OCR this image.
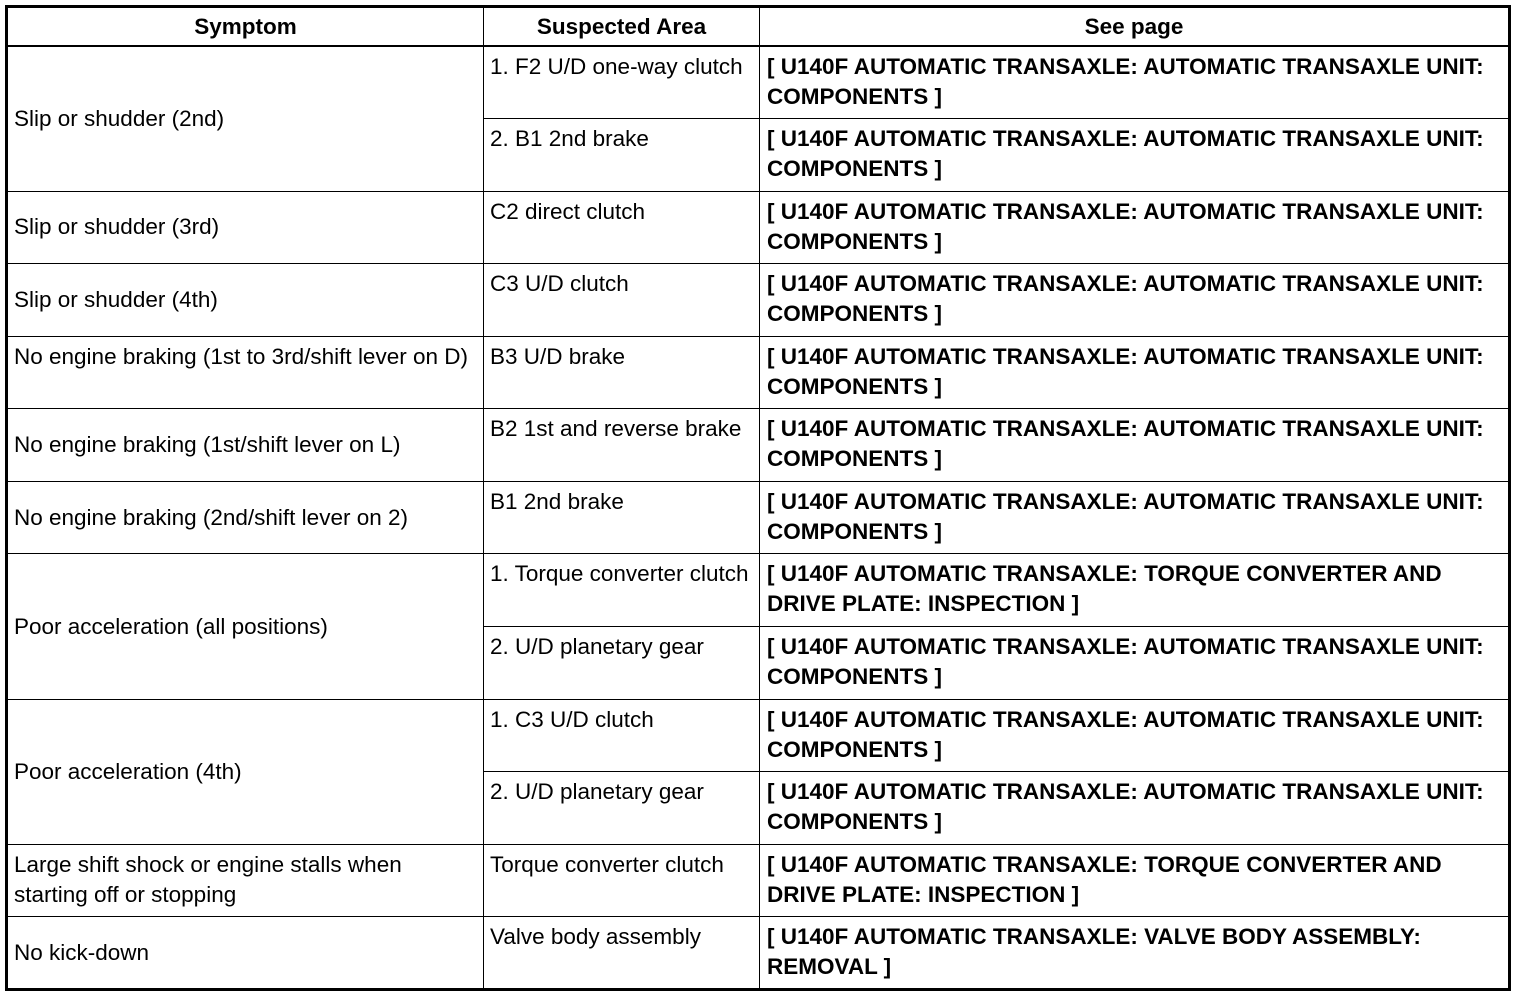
Symptom	Suspected Area	See page
Slip or shudder (2nd)	1. F2 U/D one-way clutch	[ U140F AUTOMATIC TRANSAXLE: AUTOMATIC TRANSAXLE UNIT: COMPONENTS ]
	2. B1 2nd brake	[ U140F AUTOMATIC TRANSAXLE: AUTOMATIC TRANSAXLE UNIT: COMPONENTS ]
Slip or shudder (3rd)	C2 direct clutch	[ U140F AUTOMATIC TRANSAXLE: AUTOMATIC TRANSAXLE UNIT: COMPONENTS ]
Slip or shudder (4th)	C3 U/D clutch	[ U140F AUTOMATIC TRANSAXLE: AUTOMATIC TRANSAXLE UNIT: COMPONENTS ]
No engine braking (1st to 3rd/shift lever on D)	B3 U/D brake	[ U140F AUTOMATIC TRANSAXLE: AUTOMATIC TRANSAXLE UNIT: COMPONENTS ]
No engine braking (1st/shift lever on L)	B2 1st and reverse brake	[ U140F AUTOMATIC TRANSAXLE: AUTOMATIC TRANSAXLE UNIT: COMPONENTS ]
No engine braking (2nd/shift lever on 2)	B1 2nd brake	[ U140F AUTOMATIC TRANSAXLE: AUTOMATIC TRANSAXLE UNIT: COMPONENTS ]
Poor acceleration (all positions)	1. Torque converter clutch	[ U140F AUTOMATIC TRANSAXLE: TORQUE CONVERTER AND DRIVE PLATE: INSPECTION ]
	2. U/D planetary gear	[ U140F AUTOMATIC TRANSAXLE: AUTOMATIC TRANSAXLE UNIT: COMPONENTS ]
Poor acceleration (4th)	1. C3 U/D clutch	[ U140F AUTOMATIC TRANSAXLE: AUTOMATIC TRANSAXLE UNIT: COMPONENTS ]
	2. U/D planetary gear	[ U140F AUTOMATIC TRANSAXLE: AUTOMATIC TRANSAXLE UNIT: COMPONENTS ]
Large shift shock or engine stalls when starting off or stopping	Torque converter clutch	[ U140F AUTOMATIC TRANSAXLE: TORQUE CONVERTER AND DRIVE PLATE: INSPECTION ]
No kick-down	Valve body assembly	[ U140F AUTOMATIC TRANSAXLE: VALVE BODY ASSEMBLY: REMOVAL ]
